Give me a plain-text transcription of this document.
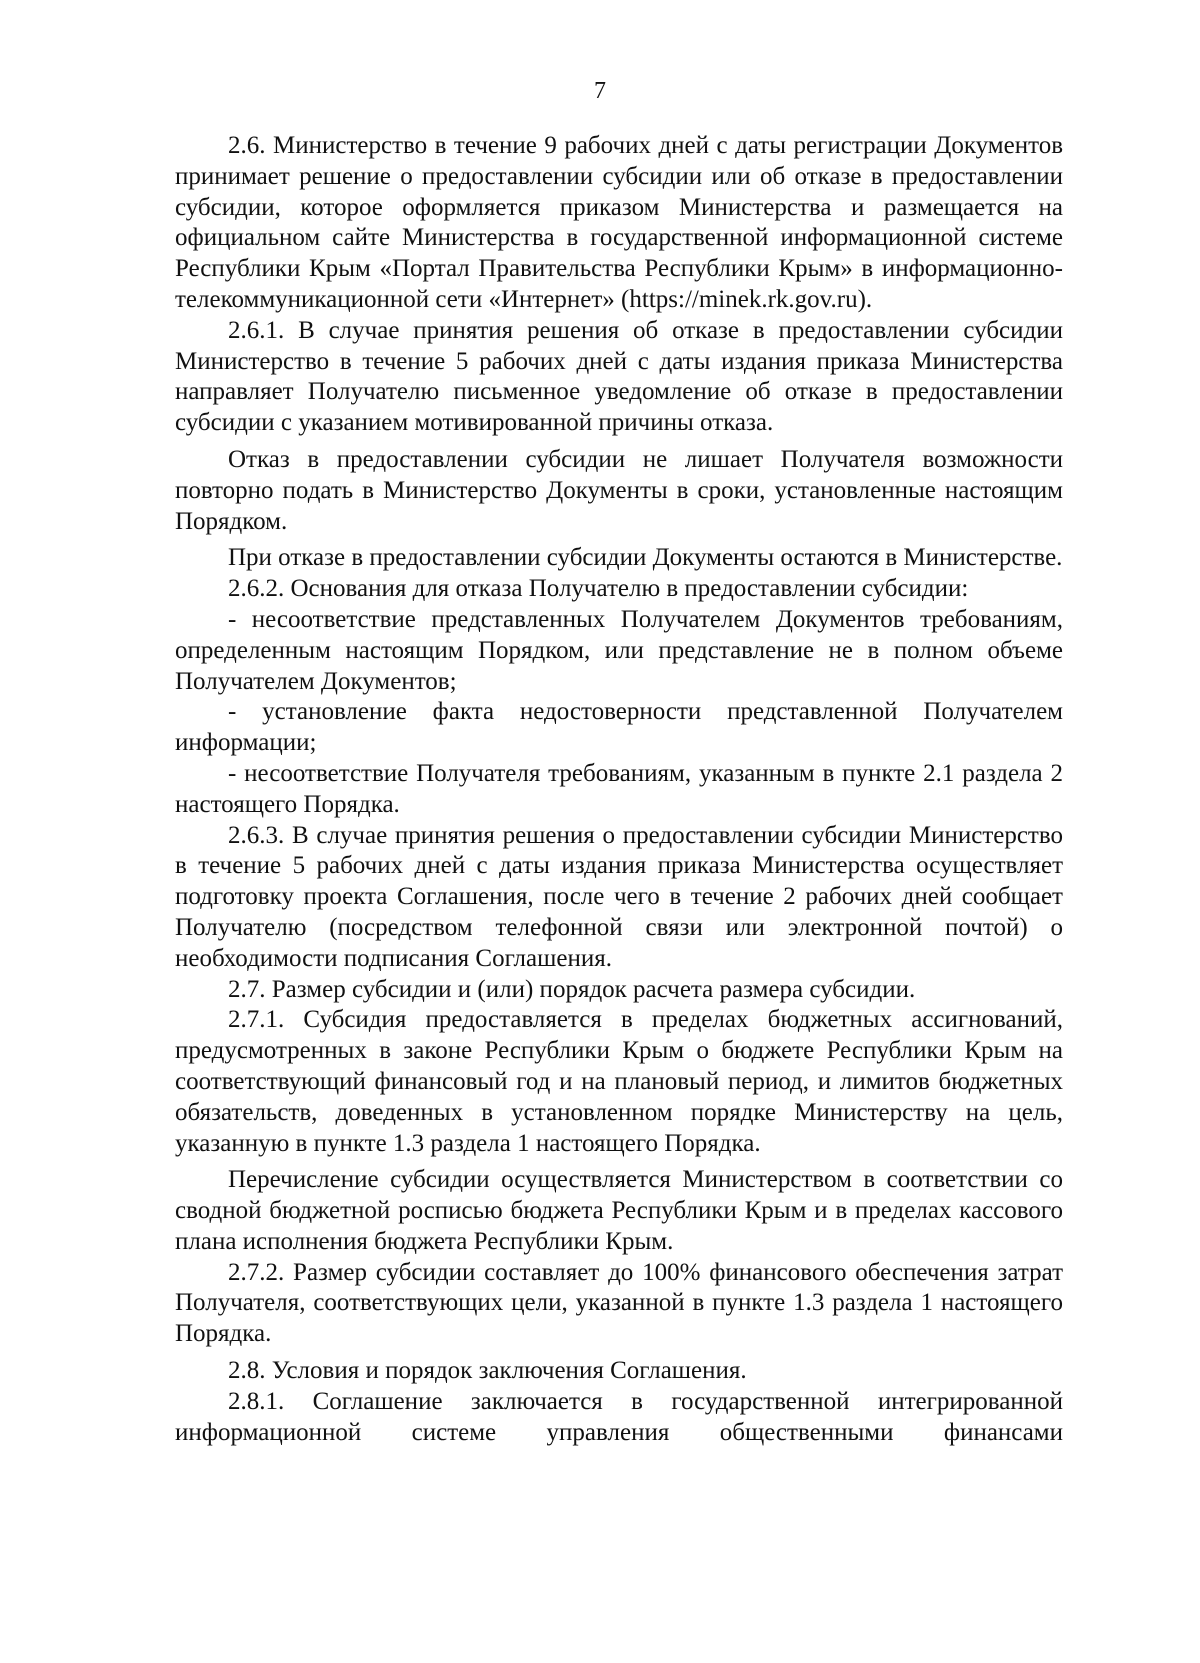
7

2.6. Министерство в течение 9 рабочих дней с даты регистрации Документов принимает решение о предоставлении субсидии или об отказе в предоставлении субсидии, которое оформляется приказом Министерства и размещается на официальном сайте Министерства в государственной информационной системе Республики Крым «Портал Правительства Республики Крым» в информационно-телекоммуникационной сети «Интернет» (https://minek.rk.gov.ru).

2.6.1. В случае принятия решения об отказе в предоставлении субсидии Министерство в течение 5 рабочих дней с даты издания приказа Министерства направляет Получателю письменное уведомление об отказе в предоставлении субсидии с указанием мотивированной причины отказа.

Отказ в предоставлении субсидии не лишает Получателя возможности повторно подать в Министерство Документы в сроки, установленные настоящим Порядком.

При отказе в предоставлении субсидии Документы остаются в Министерстве.

2.6.2. Основания для отказа Получателю в предоставлении субсидии:

- несоответствие представленных Получателем Документов требованиям, определенным настоящим Порядком, или представление не в полном объеме Получателем Документов;

- установление факта недостоверности представленной Получателем информации;

- несоответствие Получателя требованиям, указанным в пункте 2.1 раздела 2 настоящего Порядка.

2.6.3. В случае принятия решения о предоставлении субсидии Министерство в течение 5 рабочих дней с даты издания приказа Министерства осуществляет подготовку проекта Соглашения, после чего в течение 2 рабочих дней сообщает Получателю (посредством телефонной связи или электронной почтой) о необходимости подписания Соглашения.

2.7. Размер субсидии и (или) порядок расчета размера субсидии.

2.7.1. Субсидия предоставляется в пределах бюджетных ассигнований, предусмотренных в законе Республики Крым о бюджете Республики Крым на соответствующий финансовый год и на плановый период, и лимитов бюджетных обязательств, доведенных в установленном порядке Министерству на цель, указанную в пункте 1.3 раздела 1 настоящего Порядка.

Перечисление субсидии осуществляется Министерством в соответствии со сводной бюджетной росписью бюджета Республики Крым и в пределах кассового плана исполнения бюджета Республики Крым.

2.7.2. Размер субсидии составляет до 100% финансового обеспечения затрат Получателя, соответствующих цели, указанной в пункте 1.3 раздела 1 настоящего Порядка.

2.8. Условия и порядок заключения Соглашения.

2.8.1. Соглашение заключается в государственной интегрированной информационной системе управления общественными финансами
